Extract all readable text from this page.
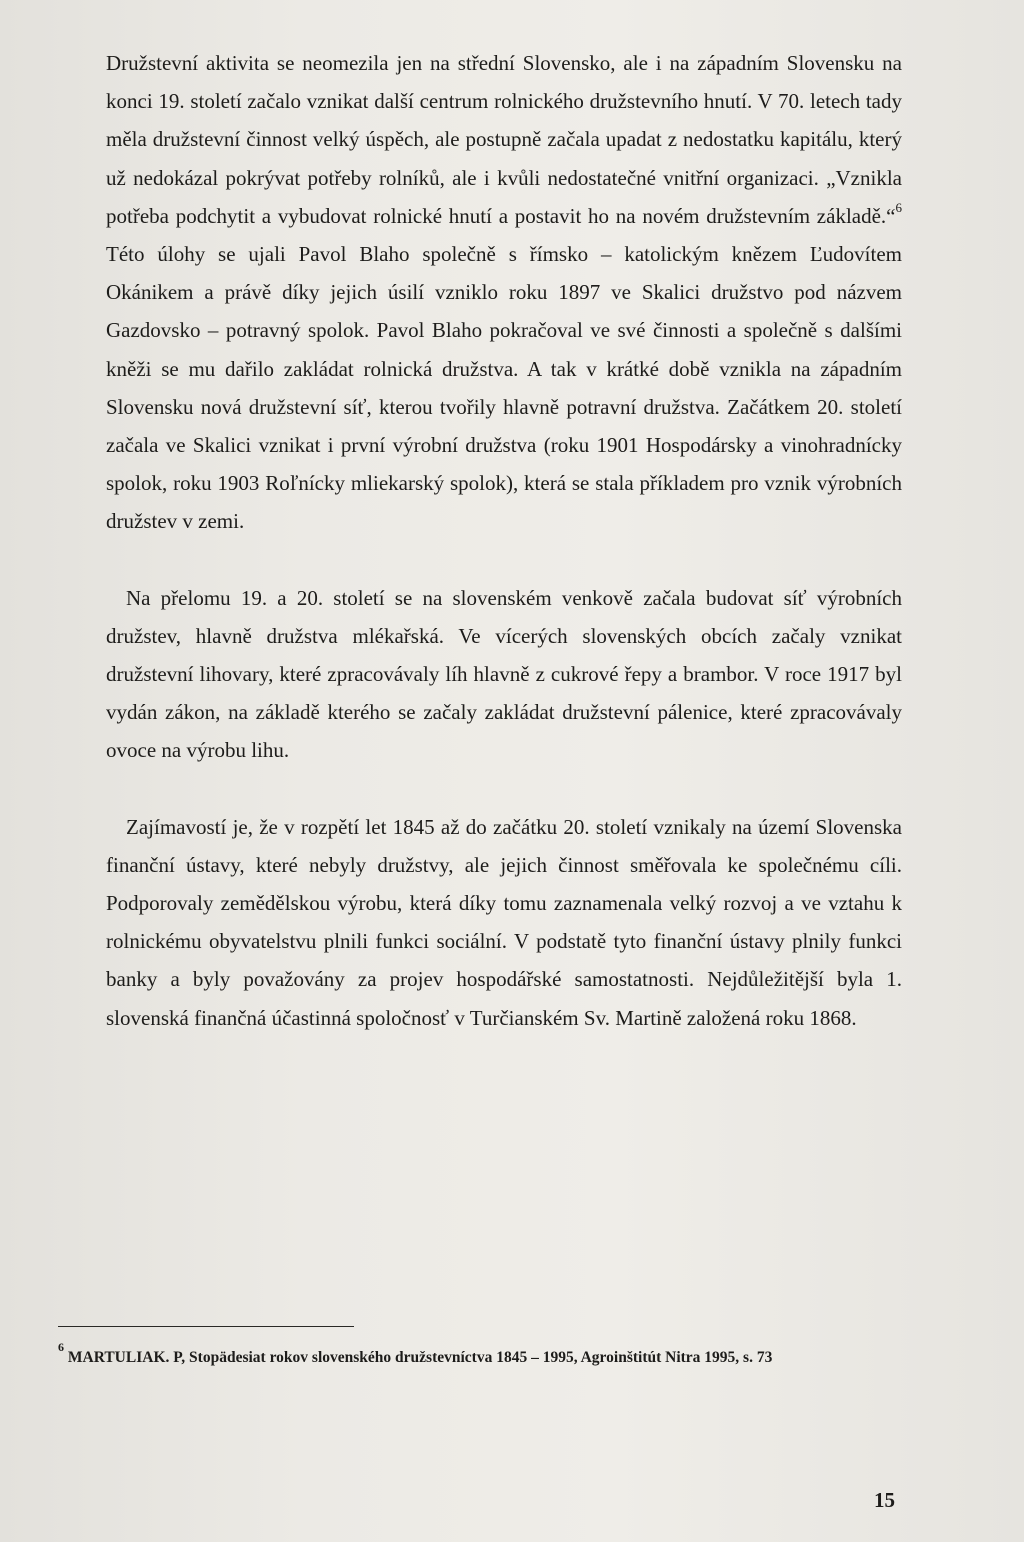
Družstevní aktivita se neomezila jen na střední Slovensko, ale i na západním Slovensku na konci 19. století začalo vznikat další centrum rolnického družstevního hnutí. V 70. letech tady měla družstevní činnost velký úspěch, ale postupně začala upadat z nedostatku kapitálu, který už nedokázal pokrývat potřeby rolníků, ale i kvůli nedostatečné vnitřní organizaci. „Vznikla potřeba podchytit a vybudovat rolnické hnutí a postavit ho na novém družstevním základě.“$^6$ Této úlohy se ujali Pavol Blaho společně s římsko – katolickým knězem Ľudovítem Okánikem a právě díky jejich úsilí vzniklo roku 1897 ve Skalici družstvo pod názvem Gazdovsko – potravný spolok. Pavol Blaho pokračoval ve své činnosti a společně s dalšími kněži se mu dařilo zakládat rolnická družstva. A tak v krátké době vznikla na západním Slovensku nová družstevní síť, kterou tvořily hlavně potravní družstva. Začátkem 20. století začala ve Skalici vznikat i první výrobní družstva (roku 1901 Hospodársky a vinohradnícky spolok, roku 1903 Roľnícky mliekarský spolok), která se stala příkladem pro vznik výrobních družstev v zemi.

Na přelomu 19. a 20. století se na slovenském venkově začala budovat síť výrobních družstev, hlavně družstva mlékařská. Ve vícerých slovenských obcích začaly vznikat družstevní lihovary, které zpracovávaly líh hlavně z cukrové řepy a brambor. V roce 1917 byl vydán zákon, na základě kterého se začaly zakládat družstevní pálenice, které zpracovávaly ovoce na výrobu lihu.

Zajímavostí je, že v rozpětí let 1845 až do začátku 20. století vznikaly na území Slovenska finanční ústavy, které nebyly družstvy, ale jejich činnost směřovala ke společnému cíli. Podporovaly zemědělskou výrobu, která díky tomu zaznamenala velký rozvoj a ve vztahu k rolnickému obyvatelstvu plnili funkci sociální. V podstatě tyto finanční ústavy plnily funkci banky a byly považovány za projev hospodářské samostatnosti. Nejdůležitější byla 1. slovenská finančná účastinná spoločnosť v Turčianském Sv. Martině založená roku 1868.

$^6$ MARTULIAK. P, Stopädesiat rokov slovenského družstevníctva 1845 – 1995, Agroinštitút Nitra 1995, s. 73
15
